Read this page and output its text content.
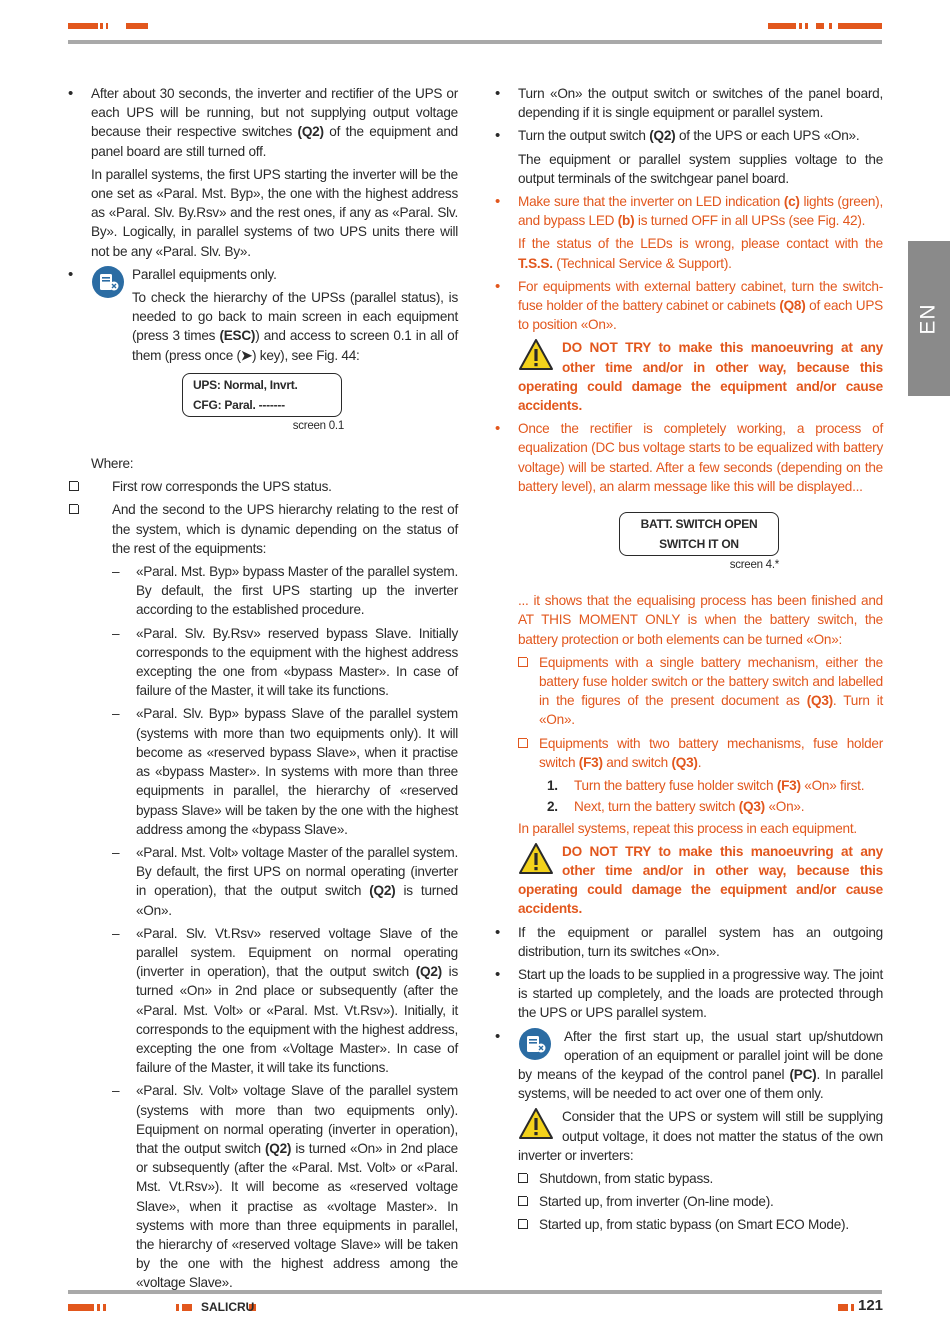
EN
SALICRU	121
• After about 30 seconds, the inverter and rectifier of the UPS or each UPS will be running, but not supplying output voltage because their respective switches (Q2) of the equipment and panel board are still turned off.
In parallel systems, the first UPS starting the inverter will be the one set as «Paral. Mst. Byp», the one with the highest address as «Paral. Slv. By.Rsv» and the rest ones, if any as «Paral. Slv. By». Logically, in parallel systems of two UPS units there will not be any «Paral. Slv. By».
• Parallel equipments only.
To check the hierarchy of the UPSs (parallel status), is needed to go back to main screen in each equipment (press 3 times (ESC)) and access to screen 0.1 in all of them (press once (➤) key), see Fig. 44:
UPS: Normal, Invrt.
CFG: Paral. -------
screen 0.1
Where:
First row corresponds the UPS status.
And the second to the UPS hierarchy relating to the rest of the system, which is dynamic depending on the status of the rest of the equipments:
– «Paral. Mst. Byp» bypass Master of the parallel system. By default, the first UPS starting up the inverter according to the established procedure.
– «Paral. Slv. By.Rsv» reserved bypass Slave. Initially corresponds to the equipment with the highest address excepting the one from «bypass Master». In case of failure of the Master, it will take its functions.
– «Paral. Slv. Byp» bypass Slave of the parallel system (systems with more than two equipments only). It will become as «reserved bypass Slave», when it practise as «bypass Master». In systems with more than three equipments in parallel, the hierarchy of «reserved bypass Slave» will be taken by the one with the highest address among the «bypass Slave».
– «Paral. Mst. Volt» voltage Master of the parallel system. By default, the first UPS on normal operating (inverter in operation), that the output switch (Q2) is turned «On».
– «Paral. Slv. Vt.Rsv» reserved voltage Slave of the parallel system. Equipment on normal operating (inverter in operation), that the output switch (Q2) is turned «On» in 2nd place or subsequently (after the «Paral. Mst. Volt» or «Paral. Mst. Vt.Rsv»). Initially, it corresponds to the equipment with the highest address, excepting the one from «Voltage Master». In case of failure of the Master, it will take its functions.
– «Paral. Slv. Volt» voltage Slave of the parallel system (systems with more than two equipments only). Equipment on normal operating (inverter in operation), that the output switch (Q2) is turned «On» in 2nd place or subsequently (after the «Paral. Mst. Volt» or «Paral. Mst. Vt.Rsv»). It will become as «reserved voltage Slave», when it practise as «voltage Master». In systems with more than three equipments in parallel, the hierarchy of «reserved voltage Slave» will be taken by the one with the highest address among the «voltage Slave».
• Turn «On» the output switch or switches of the panel board, depending if it is single equipment or parallel system.
• Turn the output switch (Q2) of the UPS or each UPS «On».
The equipment or parallel system supplies voltage to the output terminals of the switchgear panel board.
• Make sure that the inverter on LED indication (c) lights (green), and bypass LED (b) is turned OFF in all UPSs (see Fig. 42).
If the status of the LEDs is wrong, please contact with the T.S.S. (Technical Service & Support).
• For equipments with external battery cabinet, turn the switch-fuse holder of the battery cabinet or cabinets (Q8) of each UPS to position «On».
DO NOT TRY to make this manoeuvring at any other time and/or in other way, because this operating could damage the equipment and/or cause accidents.
• Once the rectifier is completely working, a process of equalization (DC bus voltage starts to be equalized with battery voltage) will be started. After a few seconds (depending on the battery level), an alarm message like this will be displayed...
BATT. SWITCH OPEN
SWITCH IT ON
screen 4.*
... it shows that the equalising process has been finished and AT THIS MOMENT ONLY is when the battery switch, the battery protection or both elements can be turned «On»:
Equipments with a single battery mechanism, either the battery fuse holder switch or the battery switch and labelled in the figures of the present document as (Q3). Turn it «On».
Equipments with two battery mechanisms, fuse holder switch (F3) and switch (Q3).
1. Turn the battery fuse holder switch (F3) «On» first.
2. Next, turn the battery switch (Q3) «On».
In parallel systems, repeat this process in each equipment.
DO NOT TRY to make this manoeuvring at any other time and/or in other way, because this operating could damage the equipment and/or cause accidents.
• If the equipment or parallel system has an outgoing distribution, turn its switches «On».
• Start up the loads to be supplied in a progressive way. The joint is started up completely, and the loads are protected through the UPS or UPS parallel system.
• After the first start up, the usual start up/shutdown operation of an equipment or parallel joint will be done by means of the keypad of the control panel (PC). In parallel systems, will be needed to act over one of them only.
Consider that the UPS or system will still be supplying output voltage, it does not matter the status of the own inverter or inverters:
Shutdown, from static bypass.
Started up, from inverter (On-line mode).
Started up, from static bypass (on Smart ECO Mode).
